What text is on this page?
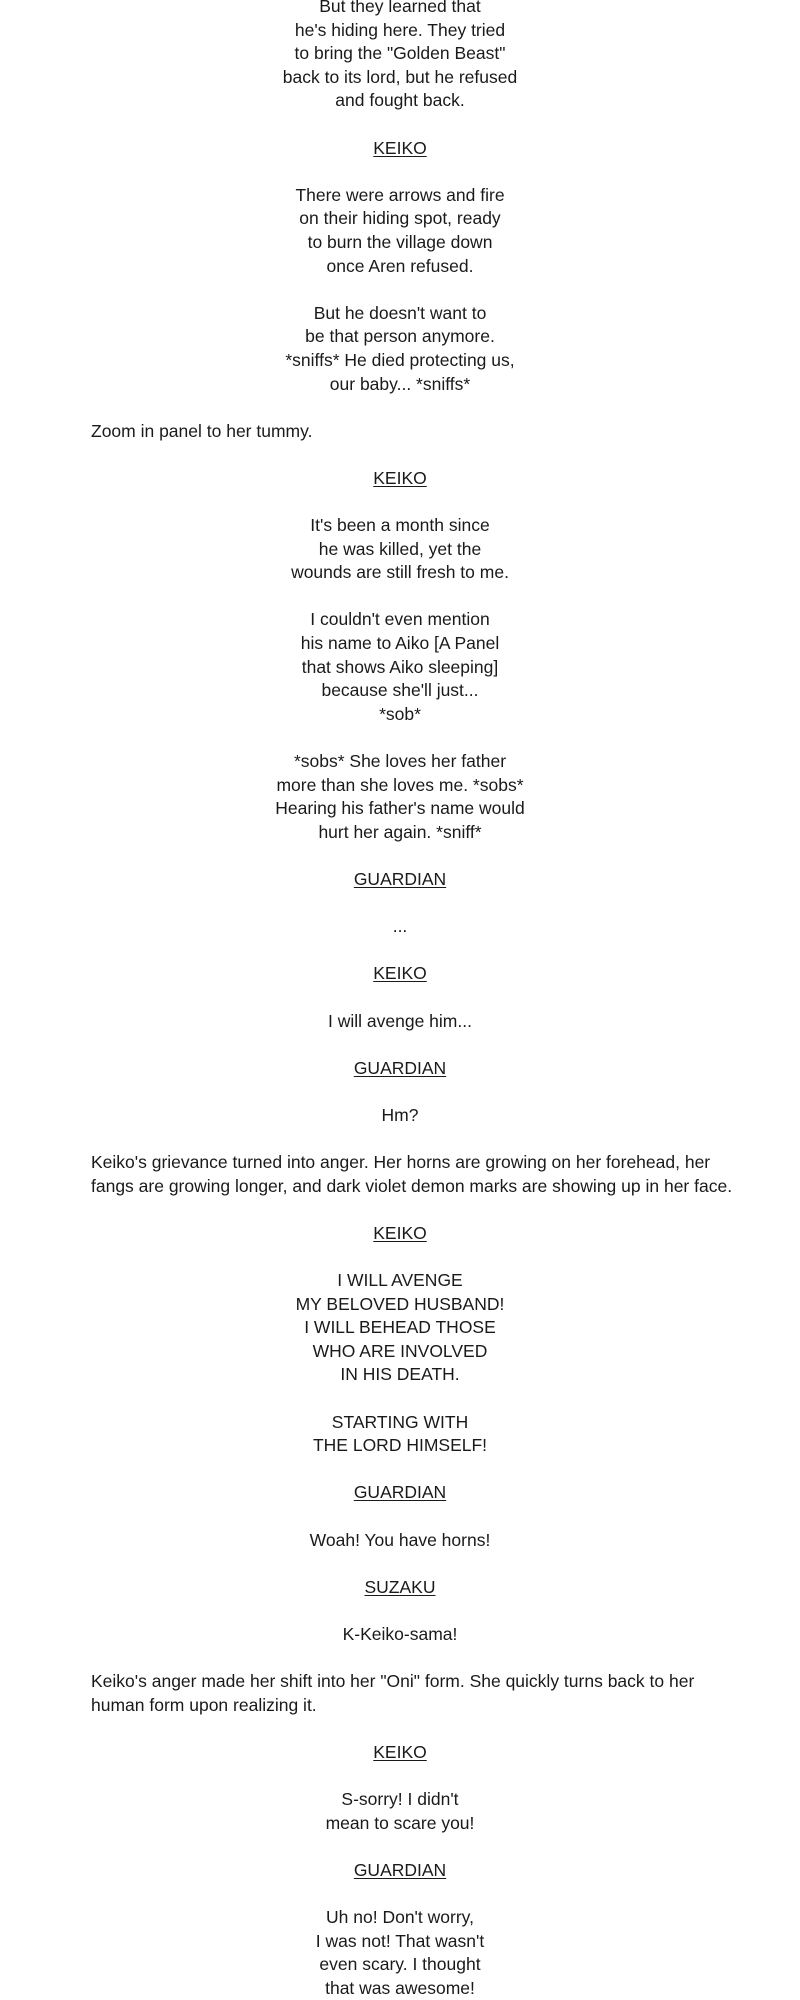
But they learned that
he's hiding here. They tried
to bring the "Golden Beast"
back to its lord, but he refused
and fought back.
KEIKO
There were arrows and fire
on their hiding spot, ready
to burn the village down
once Aren refused.
But he doesn't want to
be that person anymore.
*sniffs* He died protecting us,
our baby... *sniffs*
Zoom in panel to her tummy.
KEIKO
It's been a month since
he was killed, yet the
wounds are still fresh to me.
I couldn't even mention
his name to Aiko [A Panel
that shows Aiko sleeping]
because she'll just...
*sob*
*sobs* She loves her father
more than she loves me. *sobs*
Hearing his father's name would
hurt her again. *sniff*
GUARDIAN
...
KEIKO
I will avenge him...
GUARDIAN
Hm?
Keiko's grievance turned into anger. Her horns are growing on her forehead, her
fangs are growing longer, and dark violet demon marks are showing up in her face.
KEIKO
I WILL AVENGE
MY BELOVED HUSBAND!
I WILL BEHEAD THOSE
WHO ARE INVOLVED
IN HIS DEATH.
STARTING WITH
THE LORD HIMSELF!
GUARDIAN
Woah! You have horns!
SUZAKU
K-Keiko-sama!
Keiko's anger made her shift into her "Oni" form. She quickly turns back to her
human form upon realizing it.
KEIKO
S-sorry! I didn't
mean to scare you!
GUARDIAN
Uh no! Don't worry,
I was not! That wasn't
even scary. I thought
that was awesome!
